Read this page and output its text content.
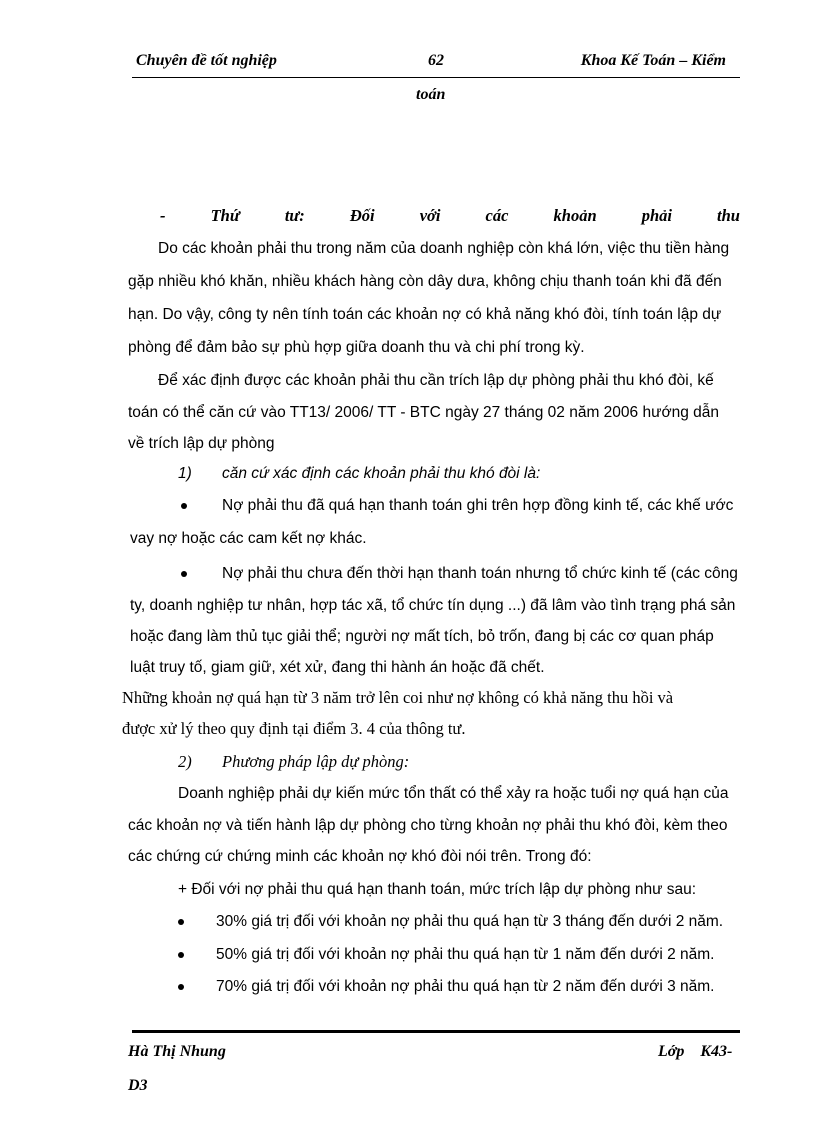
Chuyên đề tốt nghiệp	62	Khoa Kế Toán – Kiểm
toán
-	Thứ	tư:	Đối	với	các	khoản	phải	thu
Do các khoản phải thu trong năm của doanh nghiệp còn khá lớn, việc thu tiền hàng
gặp nhiều khó khăn, nhiều khách hàng còn dây dưa, không chịu thanh toán khi đã đến
hạn. Do vậy, công ty nên tính toán các khoản nợ có khả năng khó đòi, tính toán lập dự
phòng để đảm bảo sự phù hợp giữa doanh thu và chi phí trong kỳ.
Để xác định được các khoản phải thu cần trích lập dự phòng phải thu khó đòi, kế
toán có thể căn cứ vào TT13/ 2006/ TT - BTC ngày 27 tháng 02 năm 2006 hướng dẫn
về trích lập dự phòng
1) căn cứ xác định các khoản phải thu khó đòi là:
Nợ phải thu đã quá hạn thanh toán ghi trên hợp đồng kinh tế, các khế ước
vay nợ hoặc các cam kết nợ khác.
Nợ phải thu chưa đến thời hạn thanh toán nhưng tổ chức kinh tế (các công
ty, doanh nghiệp tư nhân, hợp tác xã, tổ chức tín dụng ...) đã lâm vào tình trạng phá sản
hoặc đang làm thủ tục giải thể; người nợ mất tích, bỏ trốn, đang bị các cơ quan pháp
luật truy tố, giam giữ, xét xử, đang thi hành án hoặc đã chết.
Những khoản nợ quá hạn từ 3 năm trở lên coi như nợ không có khả năng thu hồi và
được xử lý theo quy định tại điểm 3. 4 của thông tư.
2) Phương pháp lập dự phòng:
Doanh nghiệp phải dự kiến mức tổn thất có thể xảy ra hoặc tuổi nợ quá hạn của
các khoản nợ và tiến hành lập dự phòng cho từng khoản nợ phải thu khó đòi, kèm theo
các chứng cứ chứng minh các khoản nợ khó đòi nói trên. Trong đó:
+ Đối với nợ phải thu quá hạn thanh toán, mức trích lập dự phòng như sau:
30% giá trị đối với khoản nợ phải thu quá hạn từ 3 tháng đến dưới 2 năm.
50% giá trị đối với khoản nợ phải thu quá hạn từ 1 năm đến dưới 2 năm.
70% giá trị đối với khoản nợ phải thu quá hạn từ 2 năm đến dưới 3 năm.
Hà Thị Nhung	Lớp    K43-
D3
